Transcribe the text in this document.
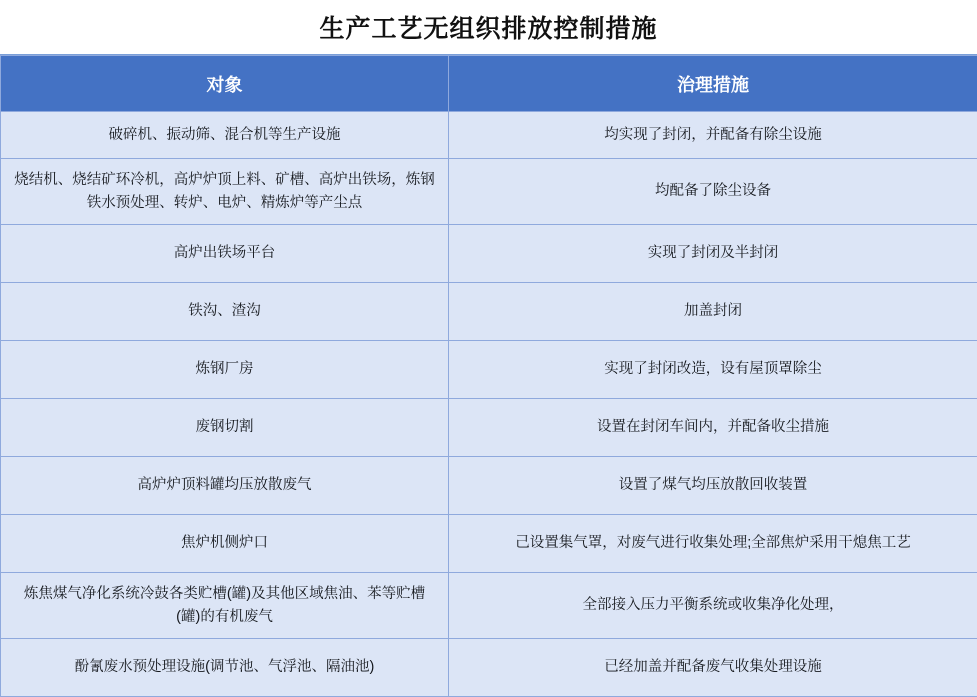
生产工艺无组织排放控制措施
对象	治理措施

破碎机、振动筛、混合机等生产设施	均实现了封闭，并配备有除尘设施

烧结机、烧结矿环冷机，高炉炉顶上料、矿槽、高炉出铁场，炼钢铁水预处理、转炉、电炉、精炼炉等产尘点	均配备了除尘设备

高炉出铁场平台	实现了封闭及半封闭

铁沟、渣沟	加盖封闭

炼钢厂房	实现了封闭改造，设有屋顶罩除尘

废钢切割	设置在封闭车间内，并配备收尘措施

高炉炉顶料罐均压放散废气	设置了煤气均压放散回收装置

焦炉机侧炉口	己设置集气罩，对废气进行收集处理;全部焦炉采用干熄焦工艺

炼焦煤气净化系统冷鼓各类贮槽(罐)及其他区域焦油、苯等贮槽(罐)的有机废气	全部接入压力平衡系统或收集净化处理，

酚氰废水预处理设施(调节池、气浮池、隔油池)	已经加盖并配备废气收集处理设施
